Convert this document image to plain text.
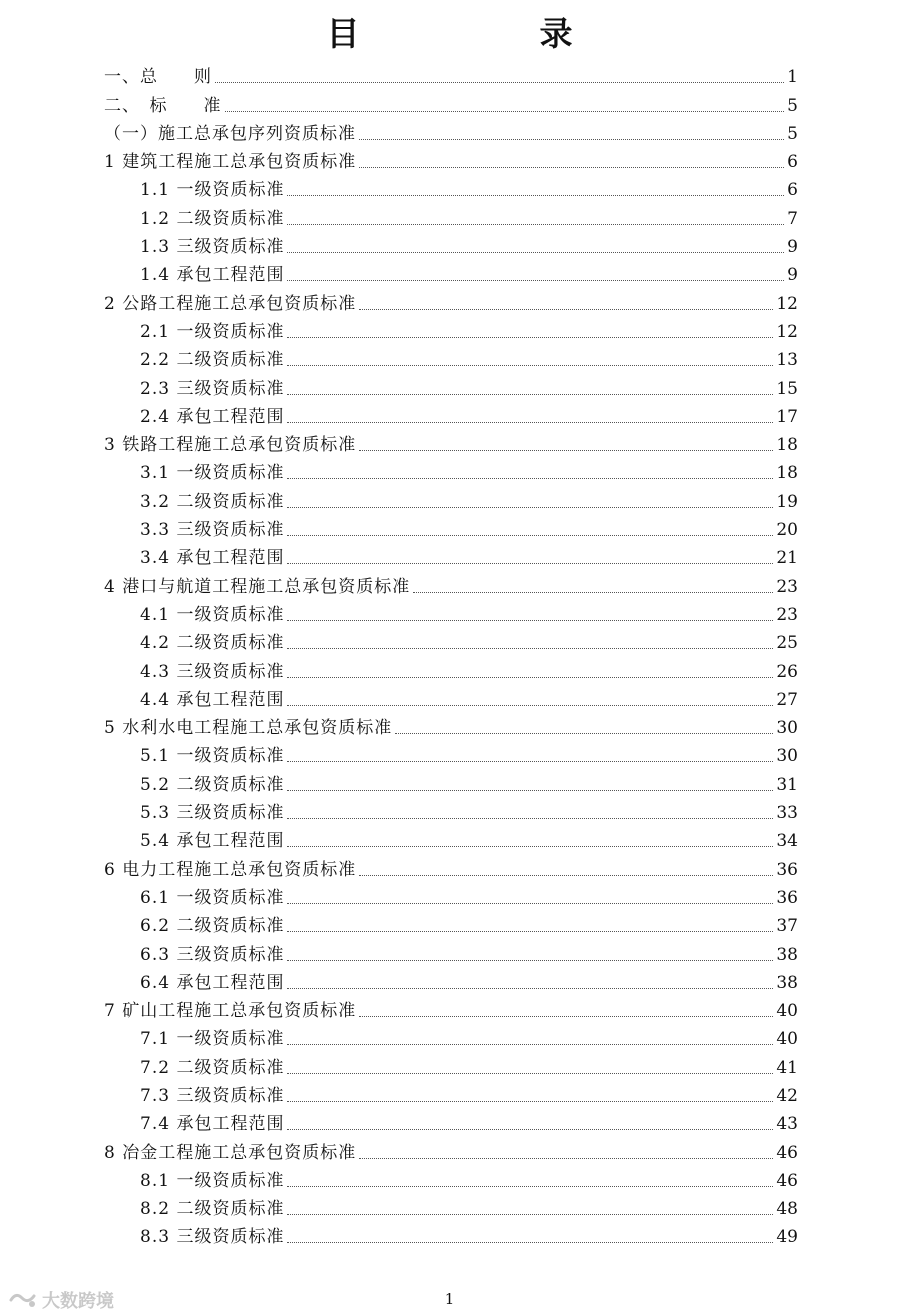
目　　录
一、总　　则	1
二、　标　　准	5
（一）施工总承包序列资质标准	5
1 建筑工程施工总承包资质标准	6
1.1 一级资质标准	6
1.2 二级资质标准	7
1.3 三级资质标准	9
1.4 承包工程范围	9
2 公路工程施工总承包资质标准	12
2.1 一级资质标准	12
2.2 二级资质标准	13
2.3 三级资质标准	15
2.4 承包工程范围	17
3 铁路工程施工总承包资质标准	18
3.1 一级资质标准	18
3.2 二级资质标准	19
3.3 三级资质标准	20
3.4 承包工程范围	21
4 港口与航道工程施工总承包资质标准	23
4.1 一级资质标准	23
4.2 二级资质标准	25
4.3 三级资质标准	26
4.4 承包工程范围	27
5 水利水电工程施工总承包资质标准	30
5.1 一级资质标准	30
5.2 二级资质标准	31
5.3 三级资质标准	33
5.4 承包工程范围	34
6 电力工程施工总承包资质标准	36
6.1 一级资质标准	36
6.2 二级资质标准	37
6.3 三级资质标准	38
6.4 承包工程范围	38
7 矿山工程施工总承包资质标准	40
7.1 一级资质标准	40
7.2 二级资质标准	41
7.3 三级资质标准	42
7.4 承包工程范围	43
8 冶金工程施工总承包资质标准	46
8.1 一级资质标准	46
8.2 二级资质标准	48
8.3 三级资质标准	49
1
大数跨境
